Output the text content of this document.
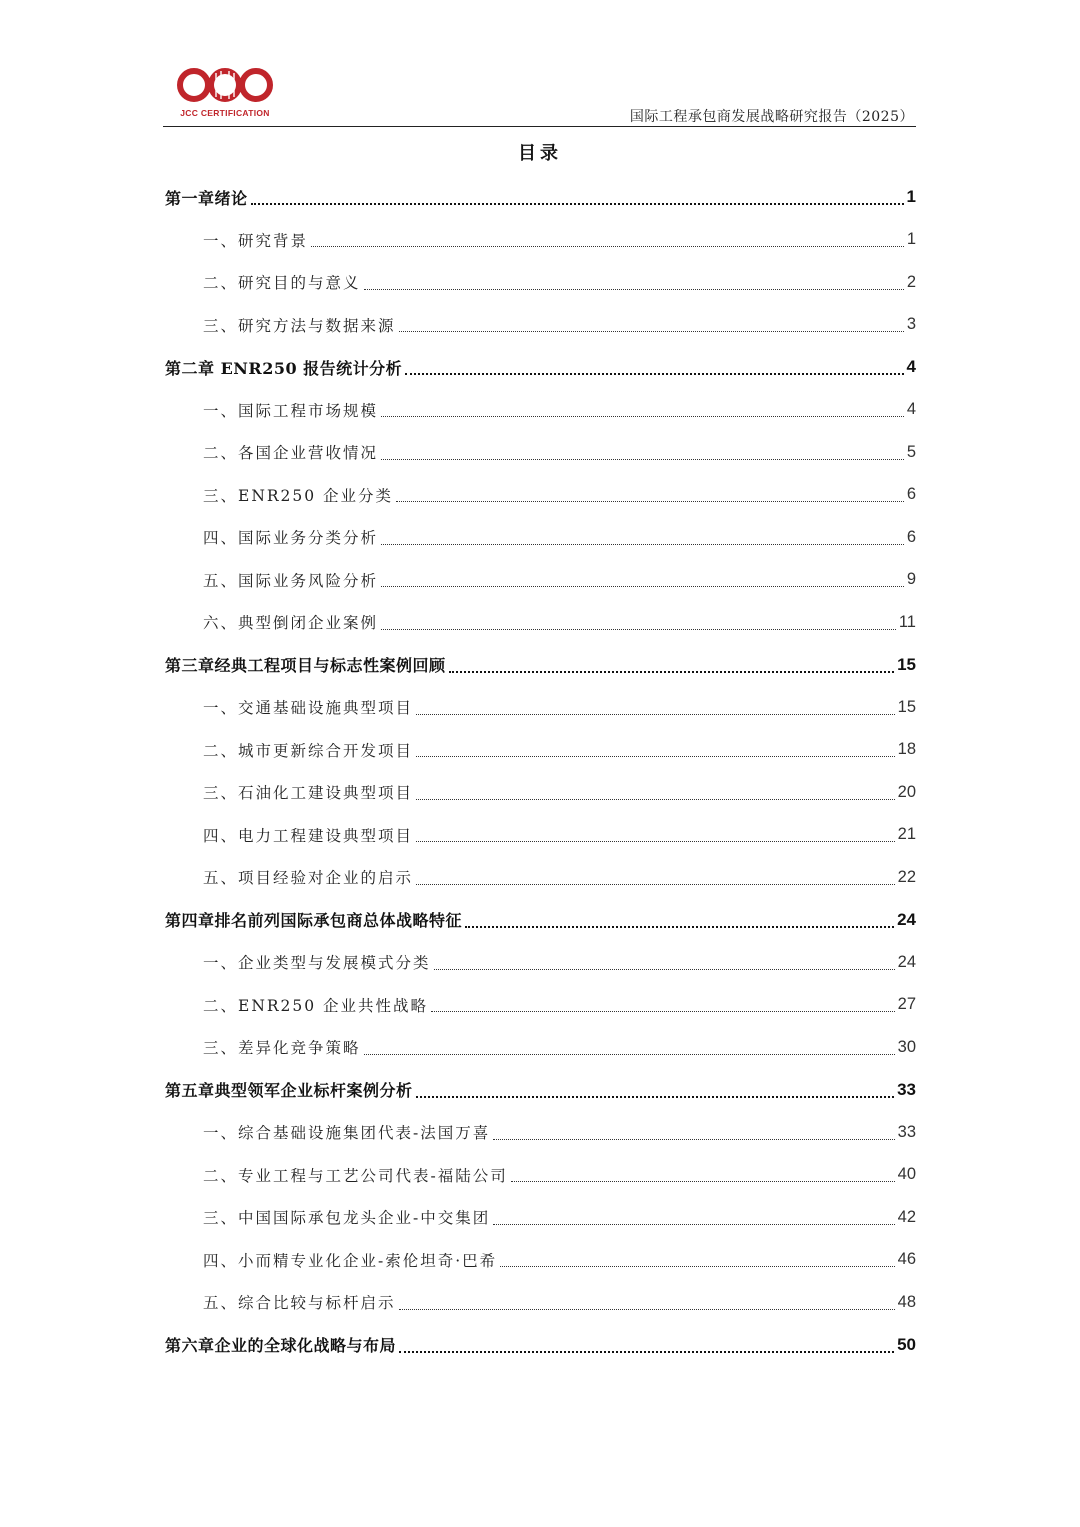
JCC CERTIFICATION	国际工程承包商发展战略研究报告（2025）
目录
第一章绪论	1
一、研究背景	1
二、研究目的与意义	2
三、研究方法与数据来源	3
第二章 ENR250 报告统计分析	4
一、国际工程市场规模	4
二、各国企业营收情况	5
三、ENR250 企业分类	6
四、国际业务分类分析	6
五、国际业务风险分析	9
六、典型倒闭企业案例	11
第三章经典工程项目与标志性案例回顾	15
一、交通基础设施典型项目	15
二、城市更新综合开发项目	18
三、石油化工建设典型项目	20
四、电力工程建设典型项目	21
五、项目经验对企业的启示	22
第四章排名前列国际承包商总体战略特征	24
一、企业类型与发展模式分类	24
二、ENR250 企业共性战略	27
三、差异化竞争策略	30
第五章典型领军企业标杆案例分析	33
一、综合基础设施集团代表-法国万喜	33
二、专业工程与工艺公司代表-福陆公司	40
三、中国国际承包龙头企业-中交集团	42
四、小而精专业化企业-索伦坦奇·巴希	46
五、综合比较与标杆启示	48
第六章企业的全球化战略与布局	50
